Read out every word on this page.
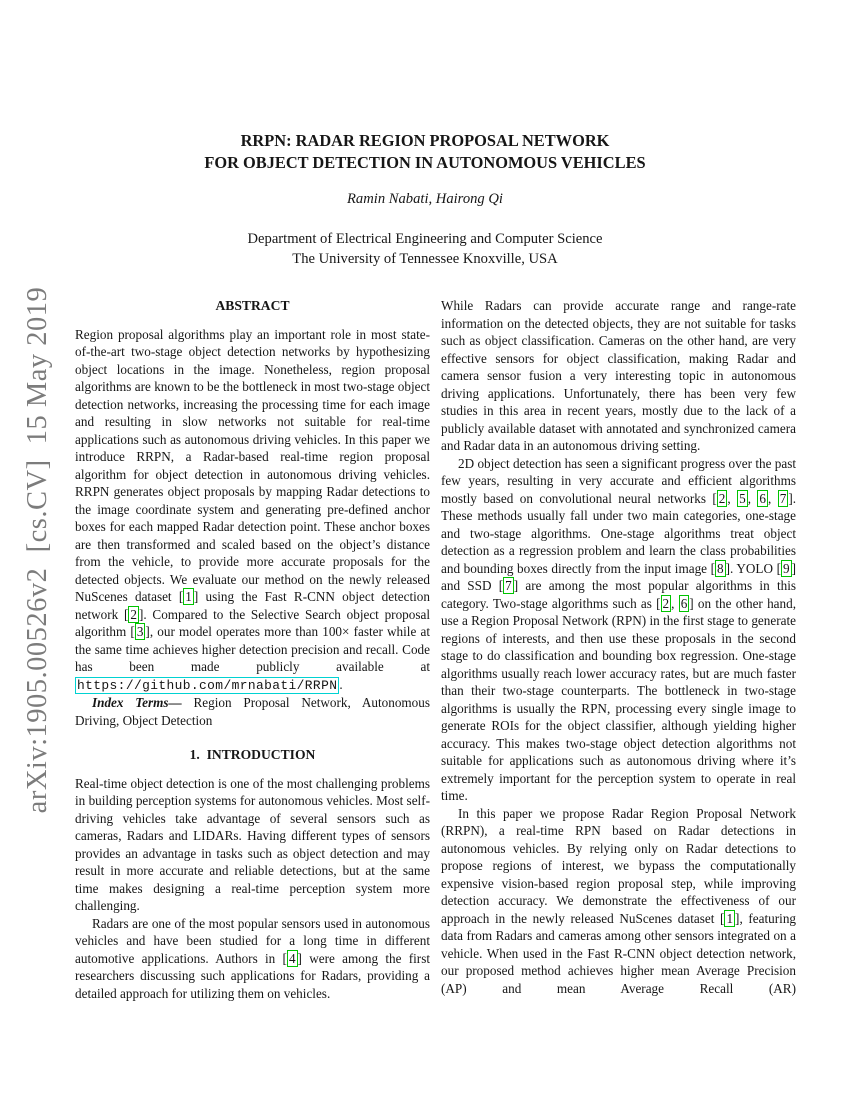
arXiv:1905.00526v2  [cs.CV]  15 May 2019
RRPN: RADAR REGION PROPOSAL NETWORK
FOR OBJECT DETECTION IN AUTONOMOUS VEHICLES
Ramin Nabati, Hairong Qi
Department of Electrical Engineering and Computer Science
The University of Tennessee Knoxville, USA
ABSTRACT

Region proposal algorithms play an important role in most state-of-the-art two-stage object detection networks by hypothesizing object locations in the image. Nonetheless, region proposal algorithms are known to be the bottleneck in most two-stage object detection networks, increasing the processing time for each image and resulting in slow networks not suitable for real-time applications such as autonomous driving vehicles. In this paper we introduce RRPN, a Radar-based real-time region proposal algorithm for object detection in autonomous driving vehicles. RRPN generates object proposals by mapping Radar detections to the image coordinate system and generating pre-defined anchor boxes for each mapped Radar detection point. These anchor boxes are then transformed and scaled based on the object’s distance from the vehicle, to provide more accurate proposals for the detected objects. We evaluate our method on the newly released NuScenes dataset [ 1 ] using the Fast R-CNN object detection network [ 2 ]. Compared to the Selective Search object proposal algorithm [ 3 ], our model operates more than 100× faster while at the same time achieves higher detection precision and recall. Code has been made publicly available at https://github.com/mrnabati/RRPN .

Index Terms— Region Proposal Network, Autonomous Driving, Object Detection

1.  INTRODUCTION

Real-time object detection is one of the most challenging problems in building perception systems for autonomous vehicles. Most self-driving vehicles take advantage of several sensors such as cameras, Radars and LIDARs. Having different types of sensors provides an advantage in tasks such as object detection and may result in more accurate and reliable detections, but at the same time makes designing a real-time perception system more challenging.

Radars are one of the most popular sensors used in autonomous vehicles and have been studied for a long time in different automotive applications. Authors in [ 4 ] were among the first researchers discussing such applications for Radars, providing a detailed approach for utilizing them on vehicles.

While Radars can provide accurate range and range-rate information on the detected objects, they are not suitable for tasks such as object classification. Cameras on the other hand, are very effective sensors for object classification, making Radar and camera sensor fusion a very interesting topic in autonomous driving applications. Unfortunately, there has been very few studies in this area in recent years, mostly due to the lack of a publicly available dataset with annotated and synchronized camera and Radar data in an autonomous driving setting.

2D object detection has seen a significant progress over the past few years, resulting in very accurate and efficient algorithms mostly based on convolutional neural networks [ 2 , 5 , 6 , 7 ]. These methods usually fall under two main categories, one-stage and two-stage algorithms. One-stage algorithms treat object detection as a regression problem and learn the class probabilities and bounding boxes directly from the input image [ 8 ]. YOLO [ 9 ] and SSD [ 7 ] are among the most popular algorithms in this category. Two-stage algorithms such as [ 2 , 6 ] on the other hand, use a Region Proposal Network (RPN) in the first stage to generate regions of interests, and then use these proposals in the second stage to do classification and bounding box regression. One-stage algorithms usually reach lower accuracy rates, but are much faster than their two-stage counterparts. The bottleneck in two-stage algorithms is usually the RPN, processing every single image to generate ROIs for the object classifier, although yielding higher accuracy. This makes two-stage object detection algorithms not suitable for applications such as autonomous driving where it’s extremely important for the perception system to operate in real time.

In this paper we propose Radar Region Proposal Network (RRPN), a real-time RPN based on Radar detections in autonomous vehicles. By relying only on Radar detections to propose regions of interest, we bypass the computationally expensive vision-based region proposal step, while improving detection accuracy. We demonstrate the effectiveness of our approach in the newly released NuScenes dataset [ 1 ], featuring data from Radars and cameras among other sensors integrated on a vehicle. When used in the Fast R-CNN object detection network, our proposed method achieves higher mean Average Precision (AP) and mean Average Recall (AR)
